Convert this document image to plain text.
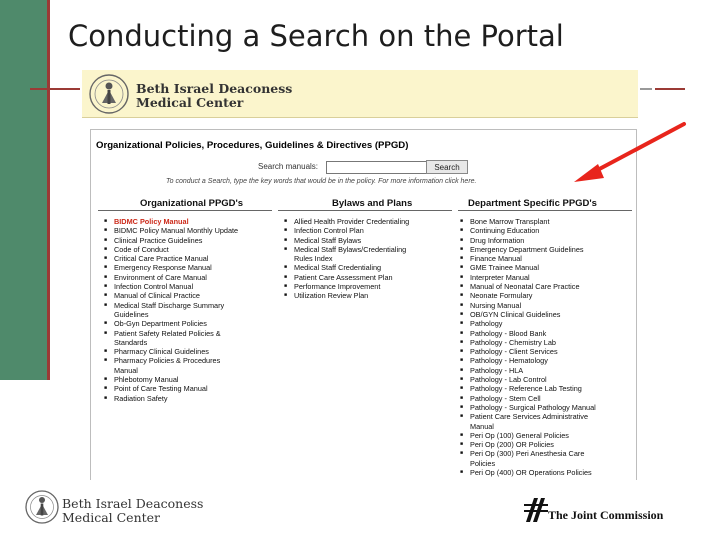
Conducting a Search on the Portal
Beth Israel Deaconess
Medical Center
Organizational Policies, Procedures, Guidelines & Directives (PPGD)
Search manuals:	Search
To conduct a Search, type the key words that would be in the policy. For more information click here.
Organizational PPGD's	Bylaws and Plans	Department Specific PPGD's
■ BIDMC Policy Manual
■ BIDMC Policy Manual Monthly Update
■ Clinical Practice Guidelines
■ Code of Conduct
■ Critical Care Practice Manual
■ Emergency Response Manual
■ Environment of Care Manual
■ Infection Control Manual
■ Manual of Clinical Practice
■ Medical Staff Discharge Summary
Guidelines
■ Ob-Gyn Department Policies
■ Patient Safety Related Policies &
Standards
■ Pharmacy Clinical Guidelines
■ Pharmacy Policies & Procedures
Manual
■ Phlebotomy Manual
■ Point of Care Testing Manual
■ Radiation Safety
■ Allied Health Provider Credentialing
■ Infection Control Plan
■ Medical Staff Bylaws
■ Medical Staff Bylaws/Credentialing
Rules Index
■ Medical Staff Credentialing
■ Patient Care Assessment Plan
■ Performance Improvement
■ Utilization Review Plan
■ Bone Marrow Transplant
■ Continuing Education
■ Drug Information
■ Emergency Department Guidelines
■ Finance Manual
■ GME Trainee Manual
■ Interpreter Manual
■ Manual of Neonatal Care Practice
■ Neonate Formulary
■ Nursing Manual
■ OB/GYN Clinical Guidelines
■ Pathology
■ Pathology - Blood Bank
■ Pathology - Chemistry Lab
■ Pathology - Client Services
■ Pathology - Hematology
■ Pathology - HLA
■ Pathology - Lab Control
■ Pathology - Reference Lab Testing
■ Pathology - Stem Cell
■ Pathology - Surgical Pathology Manual
■ Patient Care Services Administrative
Manual
■ Peri Op (100) General Policies
■ Peri Op (200) OR Policies
■ Peri Op (300) Peri Anesthesia Care
Policies
■ Peri Op (400) OR Operations Policies
Beth Israel Deaconess
Medical Center	The Joint Commission
